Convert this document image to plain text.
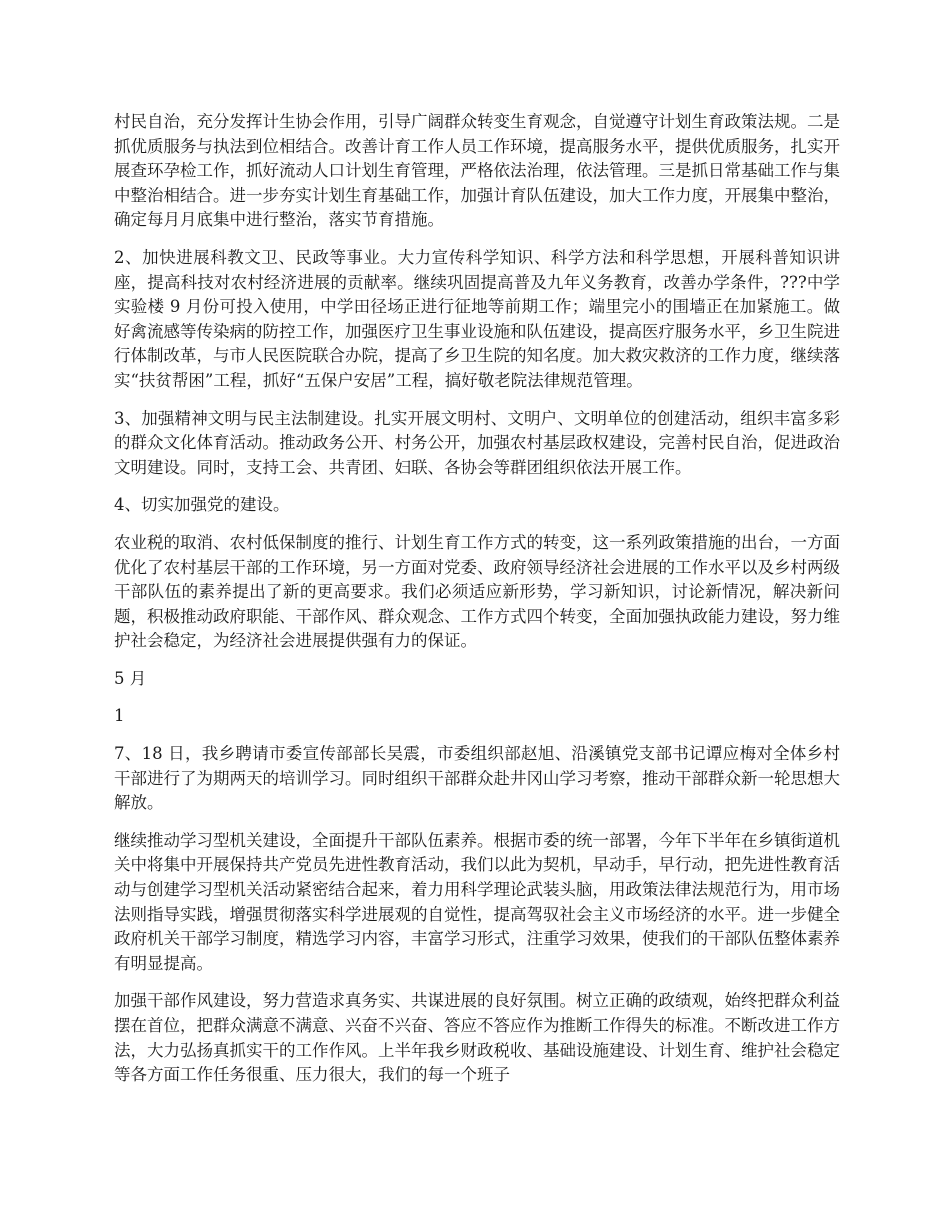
村民自治，充分发挥计生协会作用，引导广阔群众转变生育观念，自觉遵守计划生育政策法规。二是抓优质服务与执法到位相结合。改善计育工作人员工作环境，提高服务水平，提供优质服务，扎实开展查环孕检工作，抓好流动人口计划生育管理，严格依法治理，依法管理。三是抓日常基础工作与集中整治相结合。进一步夯实计划生育基础工作，加强计育队伍建设，加大工作力度，开展集中整治，确定每月月底集中进行整治，落实节育措施。

2、加快进展科教文卫、民政等事业。大力宣传科学知识、科学方法和科学思想，开展科普知识讲座，提高科技对农村经济进展的贡献率。继续巩固提高普及九年义务教育，改善办学条件，???中学实验楼 9 月份可投入使用，中学田径场正进行征地等前期工作；端里完小的围墙正在加紧施工。做好禽流感等传染病的防控工作，加强医疗卫生事业设施和队伍建设，提高医疗服务水平，乡卫生院进行体制改革，与市人民医院联合办院，提高了乡卫生院的知名度。加大救灾救济的工作力度，继续落实“扶贫帮困”工程，抓好“五保户安居”工程，搞好敬老院法律规范管理。

3、加强精神文明与民主法制建设。扎实开展文明村、文明户、文明单位的创建活动，组织丰富多彩的群众文化体育活动。推动政务公开、村务公开，加强农村基层政权建设，完善村民自治，促进政治文明建设。同时，支持工会、共青团、妇联、各协会等群团组织依法开展工作。

4、切实加强党的建设。

农业税的取消、农村低保制度的推行、计划生育工作方式的转变，这一系列政策措施的出台，一方面优化了农村基层干部的工作环境，另一方面对党委、政府领导经济社会进展的工作水平以及乡村两级干部队伍的素养提出了新的更高要求。我们必须适应新形势，学习新知识，讨论新情况，解决新问题，积极推动政府职能、干部作风、群众观念、工作方式四个转变，全面加强执政能力建设，努力维护社会稳定，为经济社会进展提供强有力的保证。

5 月

1

7、18 日，我乡聘请市委宣传部部长吴震，市委组织部赵旭、沿溪镇党支部书记谭应梅对全体乡村干部进行了为期两天的培训学习。同时组织干部群众赴井冈山学习考察，推动干部群众新一轮思想大解放。

继续推动学习型机关建设，全面提升干部队伍素养。根据市委的统一部署，今年下半年在乡镇街道机关中将集中开展保持共产党员先进性教育活动，我们以此为契机，早动手，早行动，把先进性教育活动与创建学习型机关活动紧密结合起来，着力用科学理论武装头脑，用政策法律法规范行为，用市场法则指导实践，增强贯彻落实科学进展观的自觉性，提高驾驭社会主义市场经济的水平。进一步健全政府机关干部学习制度，精选学习内容，丰富学习形式，注重学习效果，使我们的干部队伍整体素养有明显提高。

加强干部作风建设，努力营造求真务实、共谋进展的良好氛围。树立正确的政绩观，始终把群众利益摆在首位，把群众满意不满意、兴奋不兴奋、答应不答应作为推断工作得失的标准。不断改进工作方法，大力弘扬真抓实干的工作作风。上半年我乡财政税收、基础设施建设、计划生育、维护社会稳定等各方面工作任务很重、压力很大，我们的每一个班子
